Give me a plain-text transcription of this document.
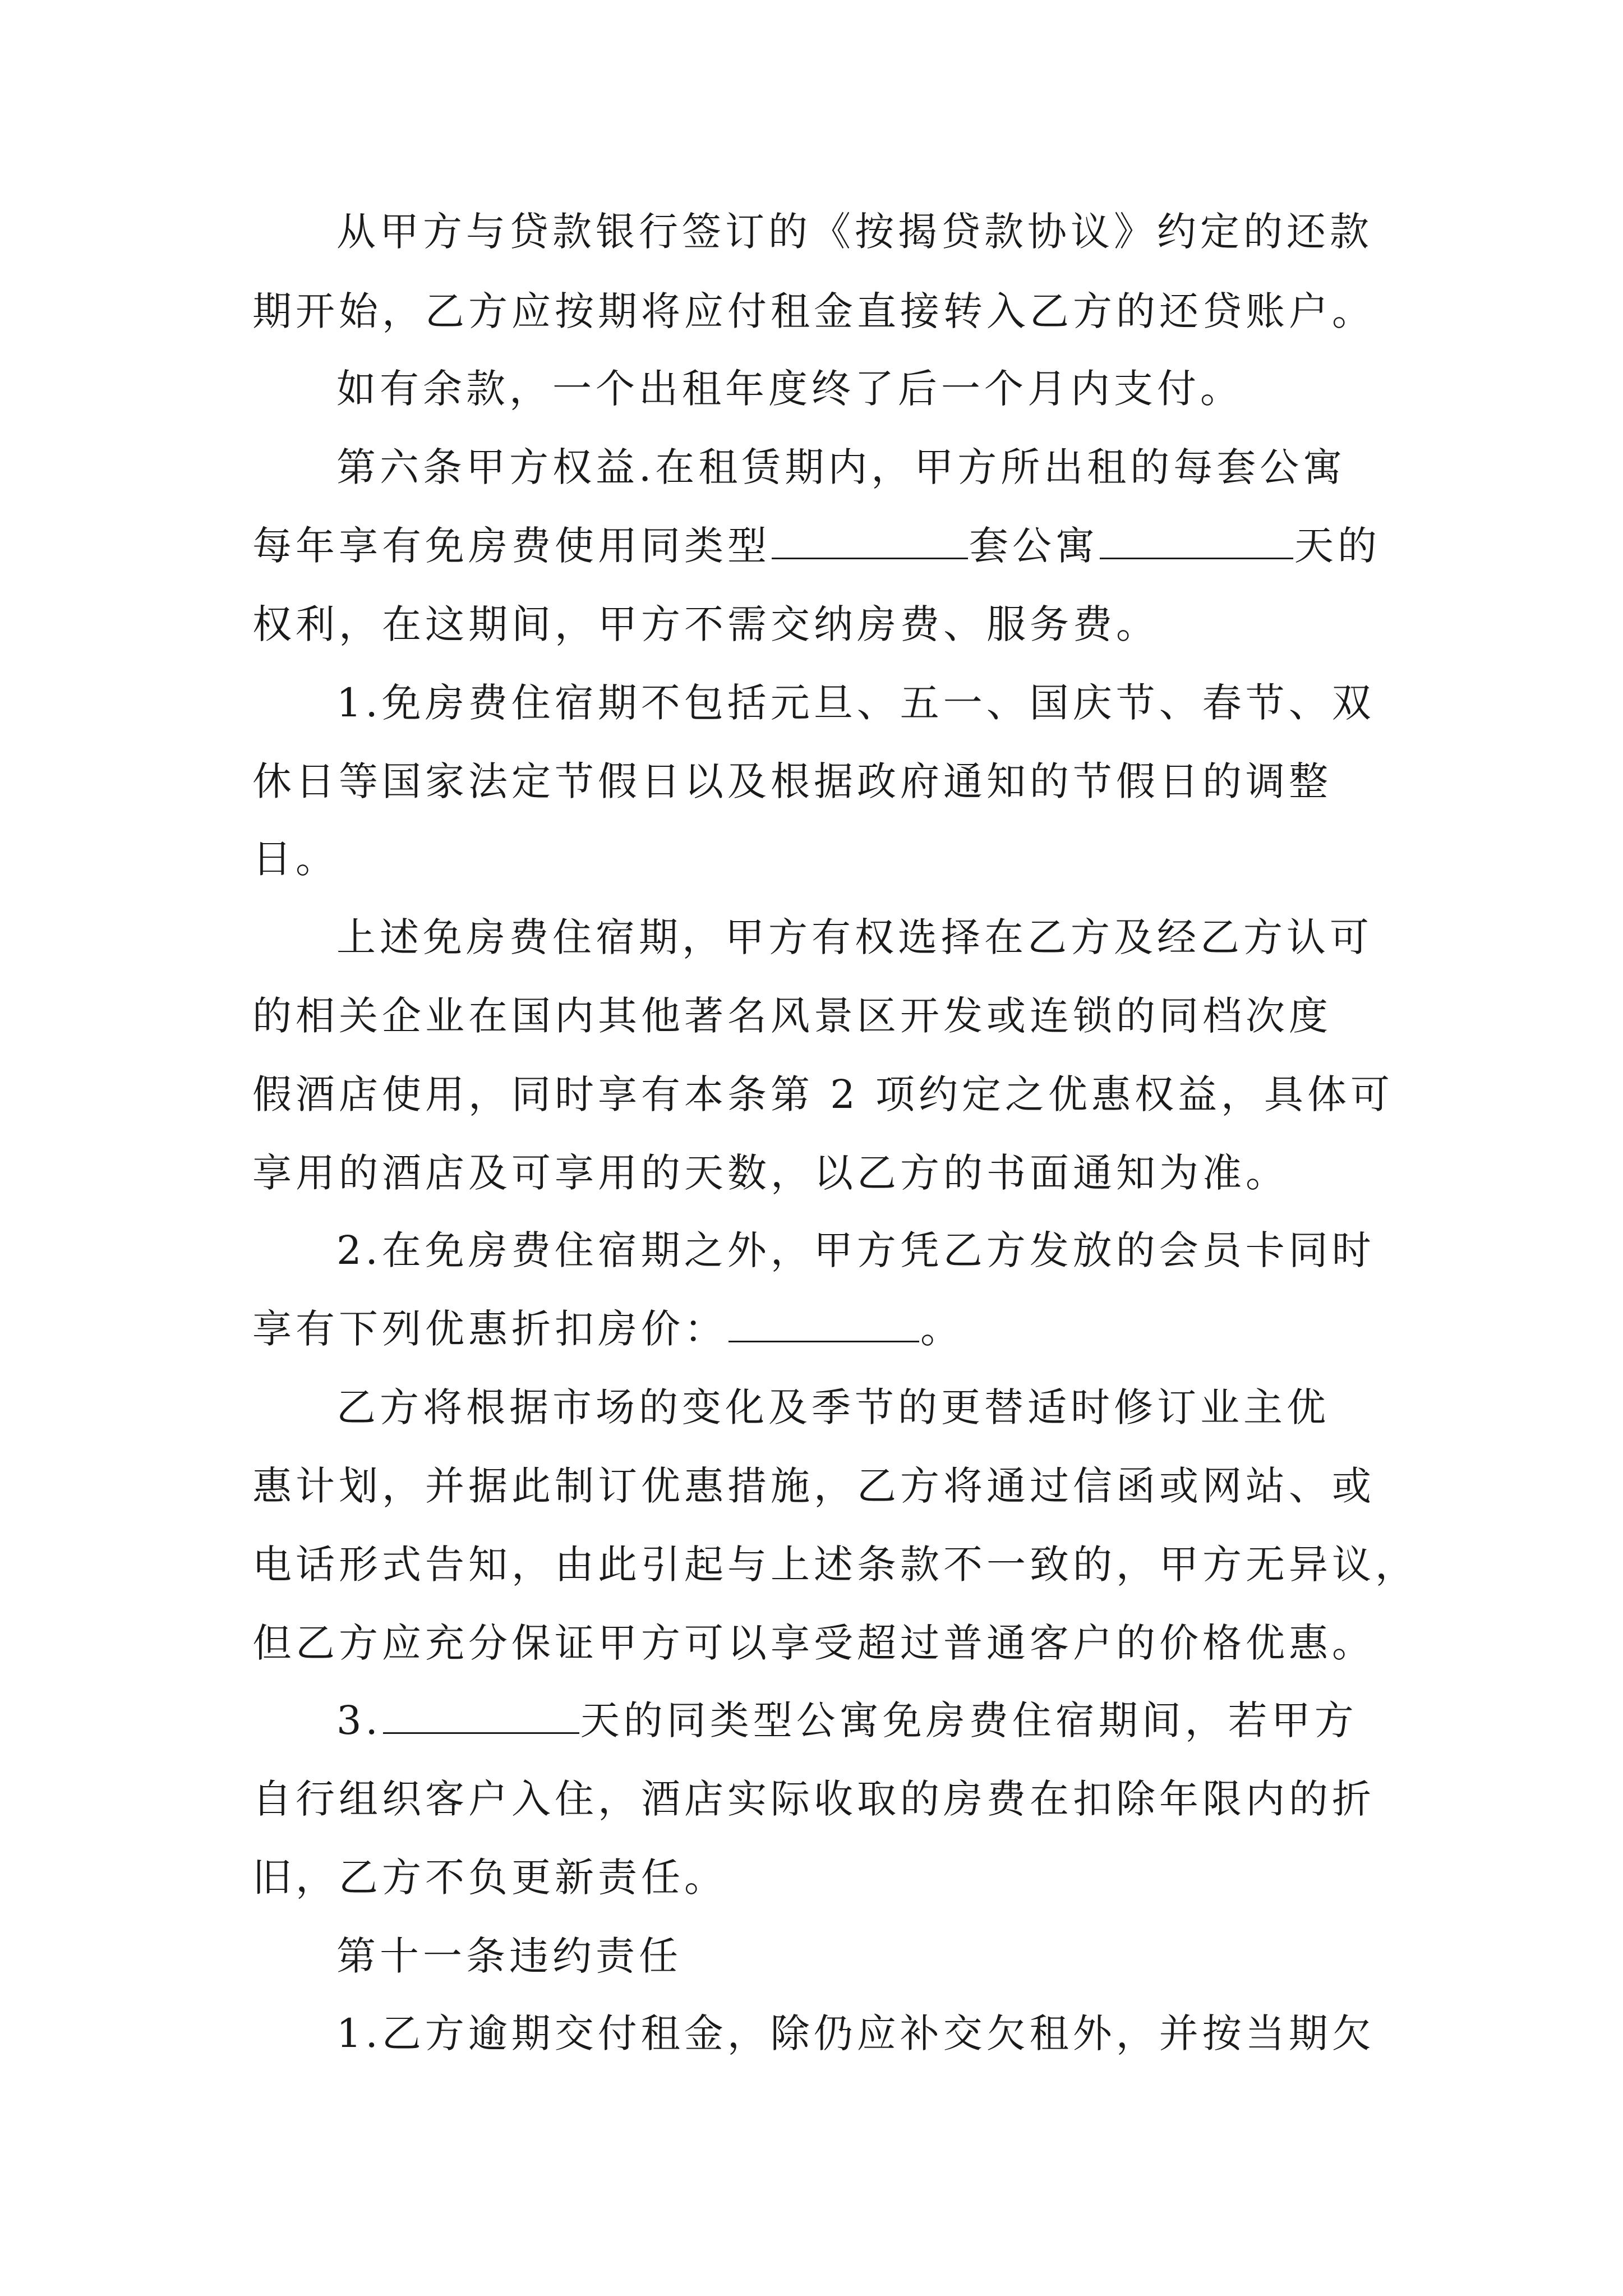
从甲方与贷款银行签订的《按揭贷款协议》约定的还款
期开始，乙方应按期将应付租金直接转入乙方的还贷账户。
如有余款，一个出租年度终了后一个月内支付。
第六条甲方权益.在租赁期内，甲方所出租的每套公寓
每年享有免房费使用同类型	套公寓	天的
权利，在这期间，甲方不需交纳房费、服务费。
1.免房费住宿期不包括元旦、五一、国庆节、春节、双
休日等国家法定节假日以及根据政府通知的节假日的调整
日。
上述免房费住宿期，甲方有权选择在乙方及经乙方认可
的相关企业在国内其他著名风景区开发或连锁的同档次度
假酒店使用，同时享有本条第 2 项约定之优惠权益，具体可
享用的酒店及可享用的天数，以乙方的书面通知为准。
2.在免房费住宿期之外，甲方凭乙方发放的会员卡同时
享有下列优惠折扣房价：	。
乙方将根据市场的变化及季节的更替适时修订业主优
惠计划，并据此制订优惠措施，乙方将通过信函或网站、或
电话形式告知，由此引起与上述条款不一致的，甲方无异议，
但乙方应充分保证甲方可以享受超过普通客户的价格优惠。
3.	天的同类型公寓免房费住宿期间，若甲方
自行组织客户入住，酒店实际收取的房费在扣除年限内的折
旧，乙方不负更新责任。
第十一条违约责任
1.乙方逾期交付租金，除仍应补交欠租外，并按当期欠
